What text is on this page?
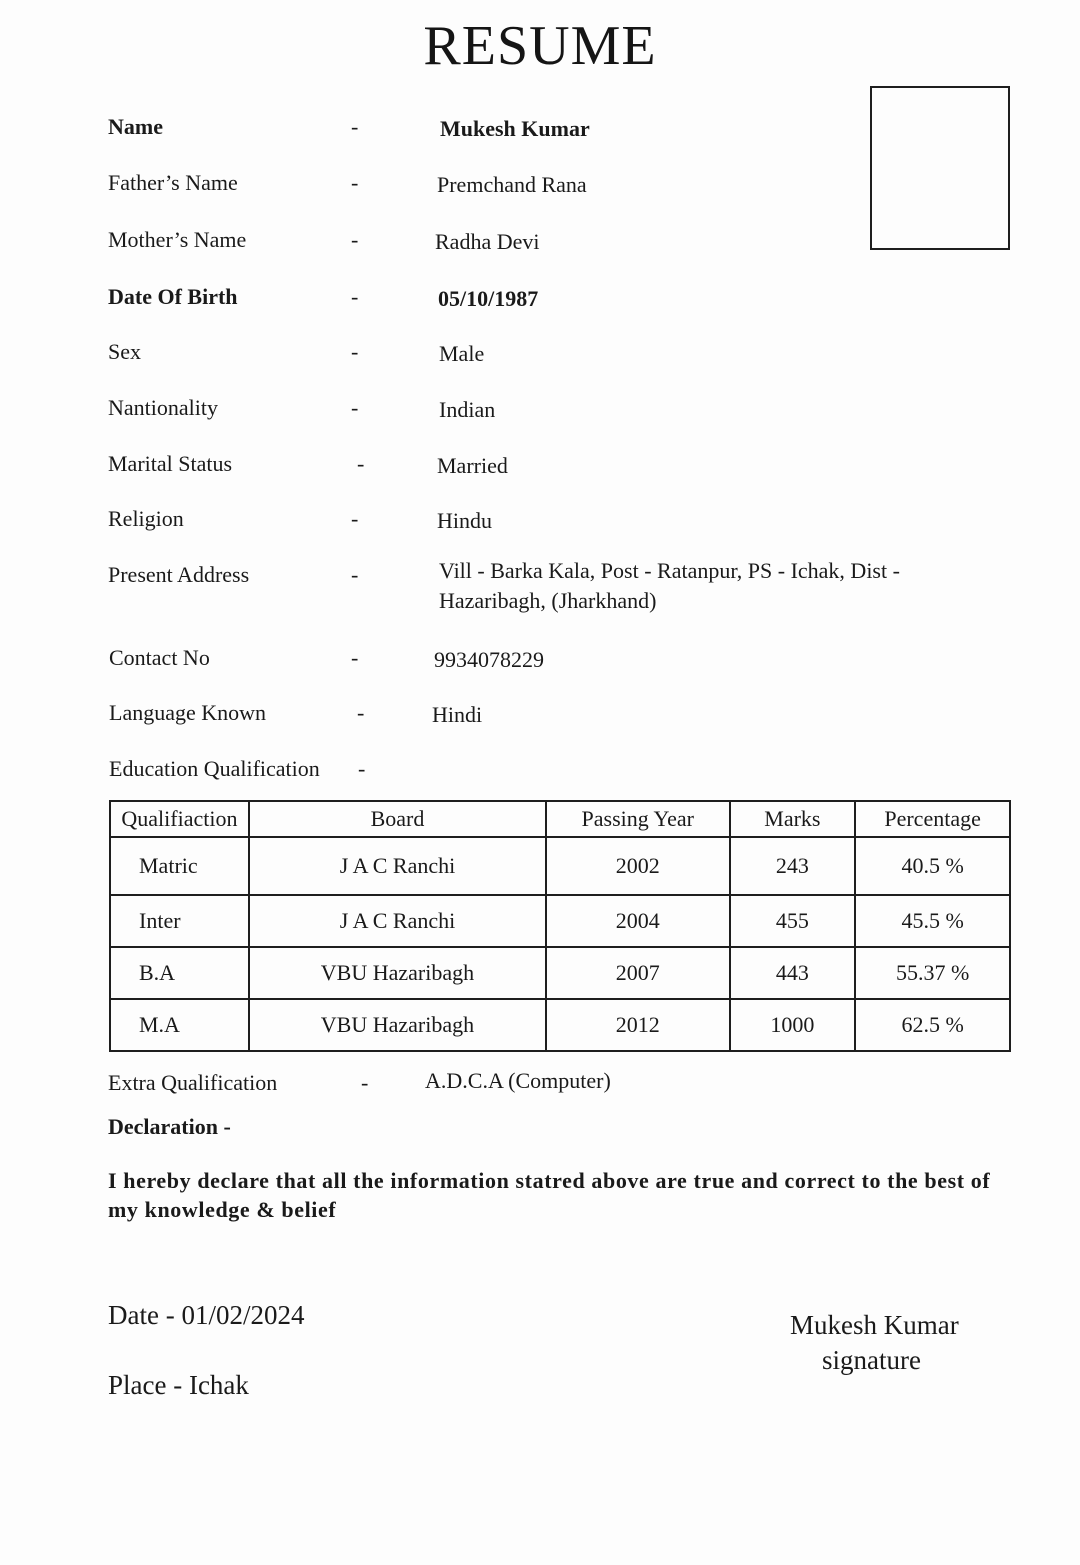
RESUME
Name	-	Mukesh Kumar
Father’s Name	-	Premchand Rana
Mother’s Name	-	Radha Devi
Date Of Birth	-	05/10/1987
Sex	-	Male
Nantionality	-	Indian
Marital Status	-	Married
Religion	-	Hindu
Present Address	-	Vill - Barka Kala, Post - Ratanpur, PS - Ichak, Dist - Hazaribagh, (Jharkhand)
Contact No	-	9934078229
Language Known	-	Hindi
Education Qualification -
Qualifiaction	Board	Passing Year	Marks	Percentage
Matric	J A C Ranchi	2002	243	40.5 %
Inter	J A C Ranchi	2004	455	45.5 %
B.A	VBU Hazaribagh	2007	443	55.37 %
M.A	VBU Hazaribagh	2012	1000	62.5 %
Extra Qualification	-	A.D.C.A (Computer)
Declaration -
I hereby declare that all the information statred above are true and correct to the best of my knowledge & belief
Date - 01/02/2024
Place - Ichak
Mukesh Kumar
signature
